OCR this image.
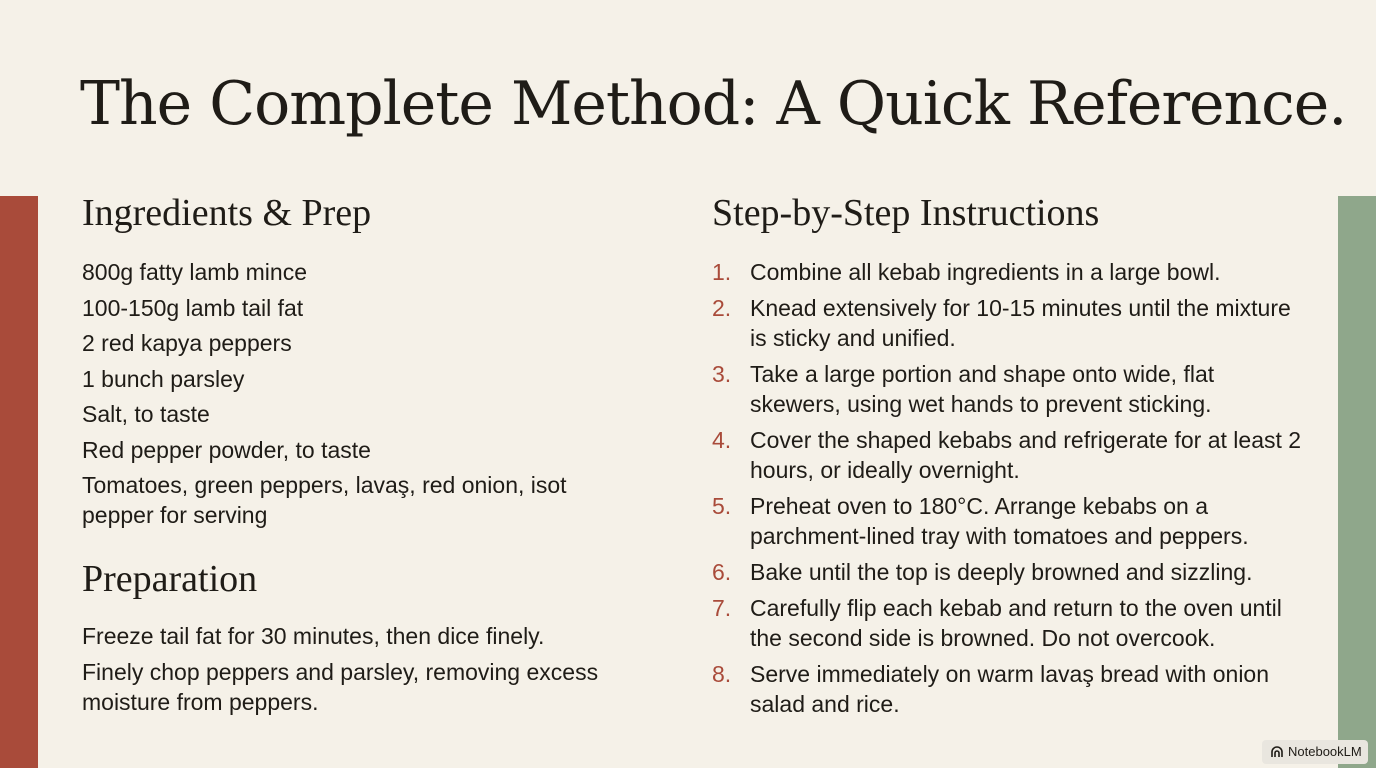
The Complete Method: A Quick Reference.
Ingredients & Prep
800g fatty lamb mince
100-150g lamb tail fat
2 red kapya peppers
1 bunch parsley
Salt, to taste
Red pepper powder, to taste
Tomatoes, green peppers, lavaş, red onion, isot pepper for serving
Preparation
Freeze tail fat for 30 minutes, then dice finely.
Finely chop peppers and parsley, removing excess moisture from peppers.
Step-by-Step Instructions
1. Combine all kebab ingredients in a large bowl.
2. Knead extensively for 10-15 minutes until the mixture is sticky and unified.
3. Take a large portion and shape onto wide, flat skewers, using wet hands to prevent sticking.
4. Cover the shaped kebabs and refrigerate for at least 2 hours, or ideally overnight.
5. Preheat oven to 180°C. Arrange kebabs on a parchment-lined tray with tomatoes and peppers.
6. Bake until the top is deeply browned and sizzling.
7. Carefully flip each kebab and return to the oven until the second side is browned. Do not overcook.
8. Serve immediately on warm lavaş bread with onion salad and rice.
NotebookLM
